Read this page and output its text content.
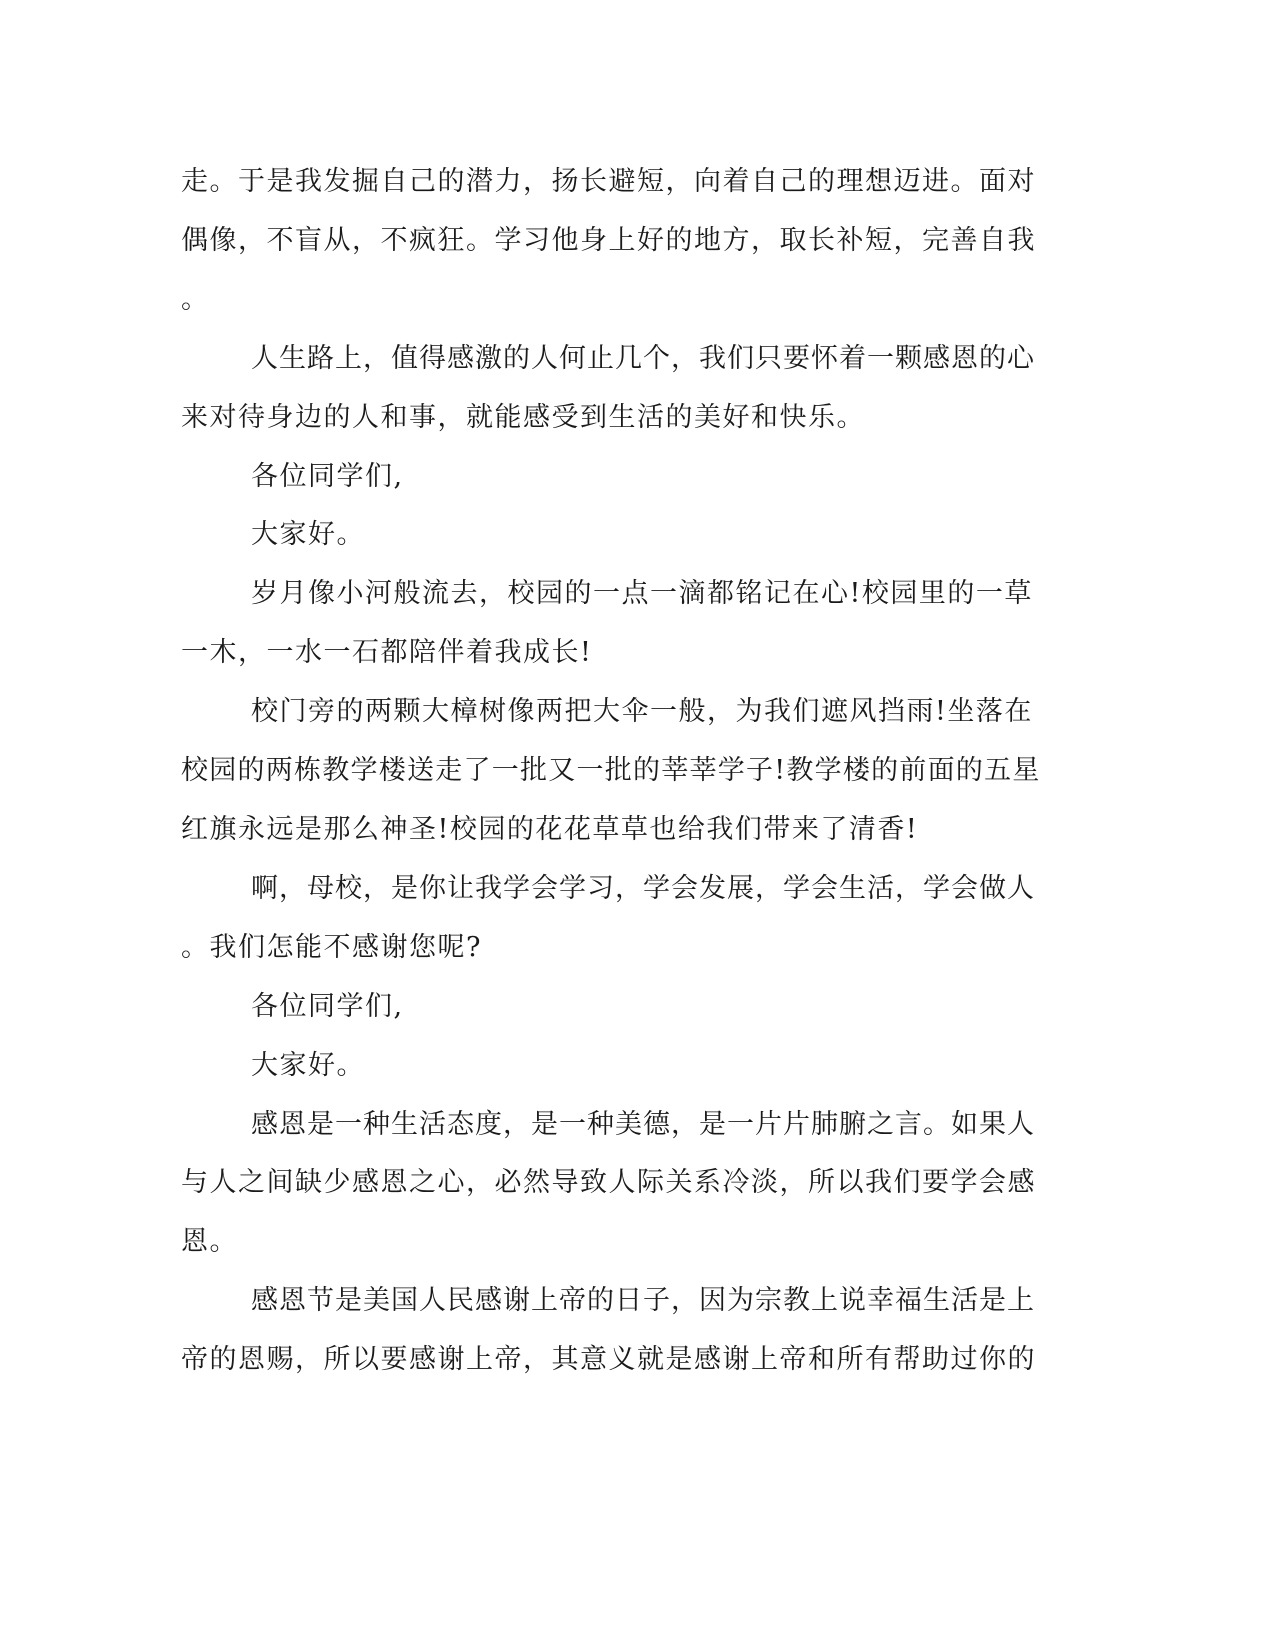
走。于是我发掘自己的潜力，扬长避短，向着自己的理想迈进。面对
偶像，不盲从，不疯狂。学习他身上好的地方，取长补短，完善自我
。

人生路上，值得感激的人何止几个，我们只要怀着一颗感恩的心
来对待身边的人和事，就能感受到生活的美好和快乐。

各位同学们,

大家好。

岁月像小河般流去，校园的一点一滴都铭记在心!校园里的一草
一木，一水一石都陪伴着我成长!

校门旁的两颗大樟树像两把大伞一般，为我们遮风挡雨!坐落在
校园的两栋教学楼送走了一批又一批的莘莘学子!教学楼的前面的五星
红旗永远是那么神圣!校园的花花草草也给我们带来了清香!

啊，母校，是你让我学会学习，学会发展，学会生活，学会做人
。我们怎能不感谢您呢?

各位同学们,

大家好。

感恩是一种生活态度，是一种美德，是一片片肺腑之言。如果人
与人之间缺少感恩之心，必然导致人际关系冷淡，所以我们要学会感
恩。

感恩节是美国人民感谢上帝的日子，因为宗教上说幸福生活是上
帝的恩赐，所以要感谢上帝，其意义就是感谢上帝和所有帮助过你的
